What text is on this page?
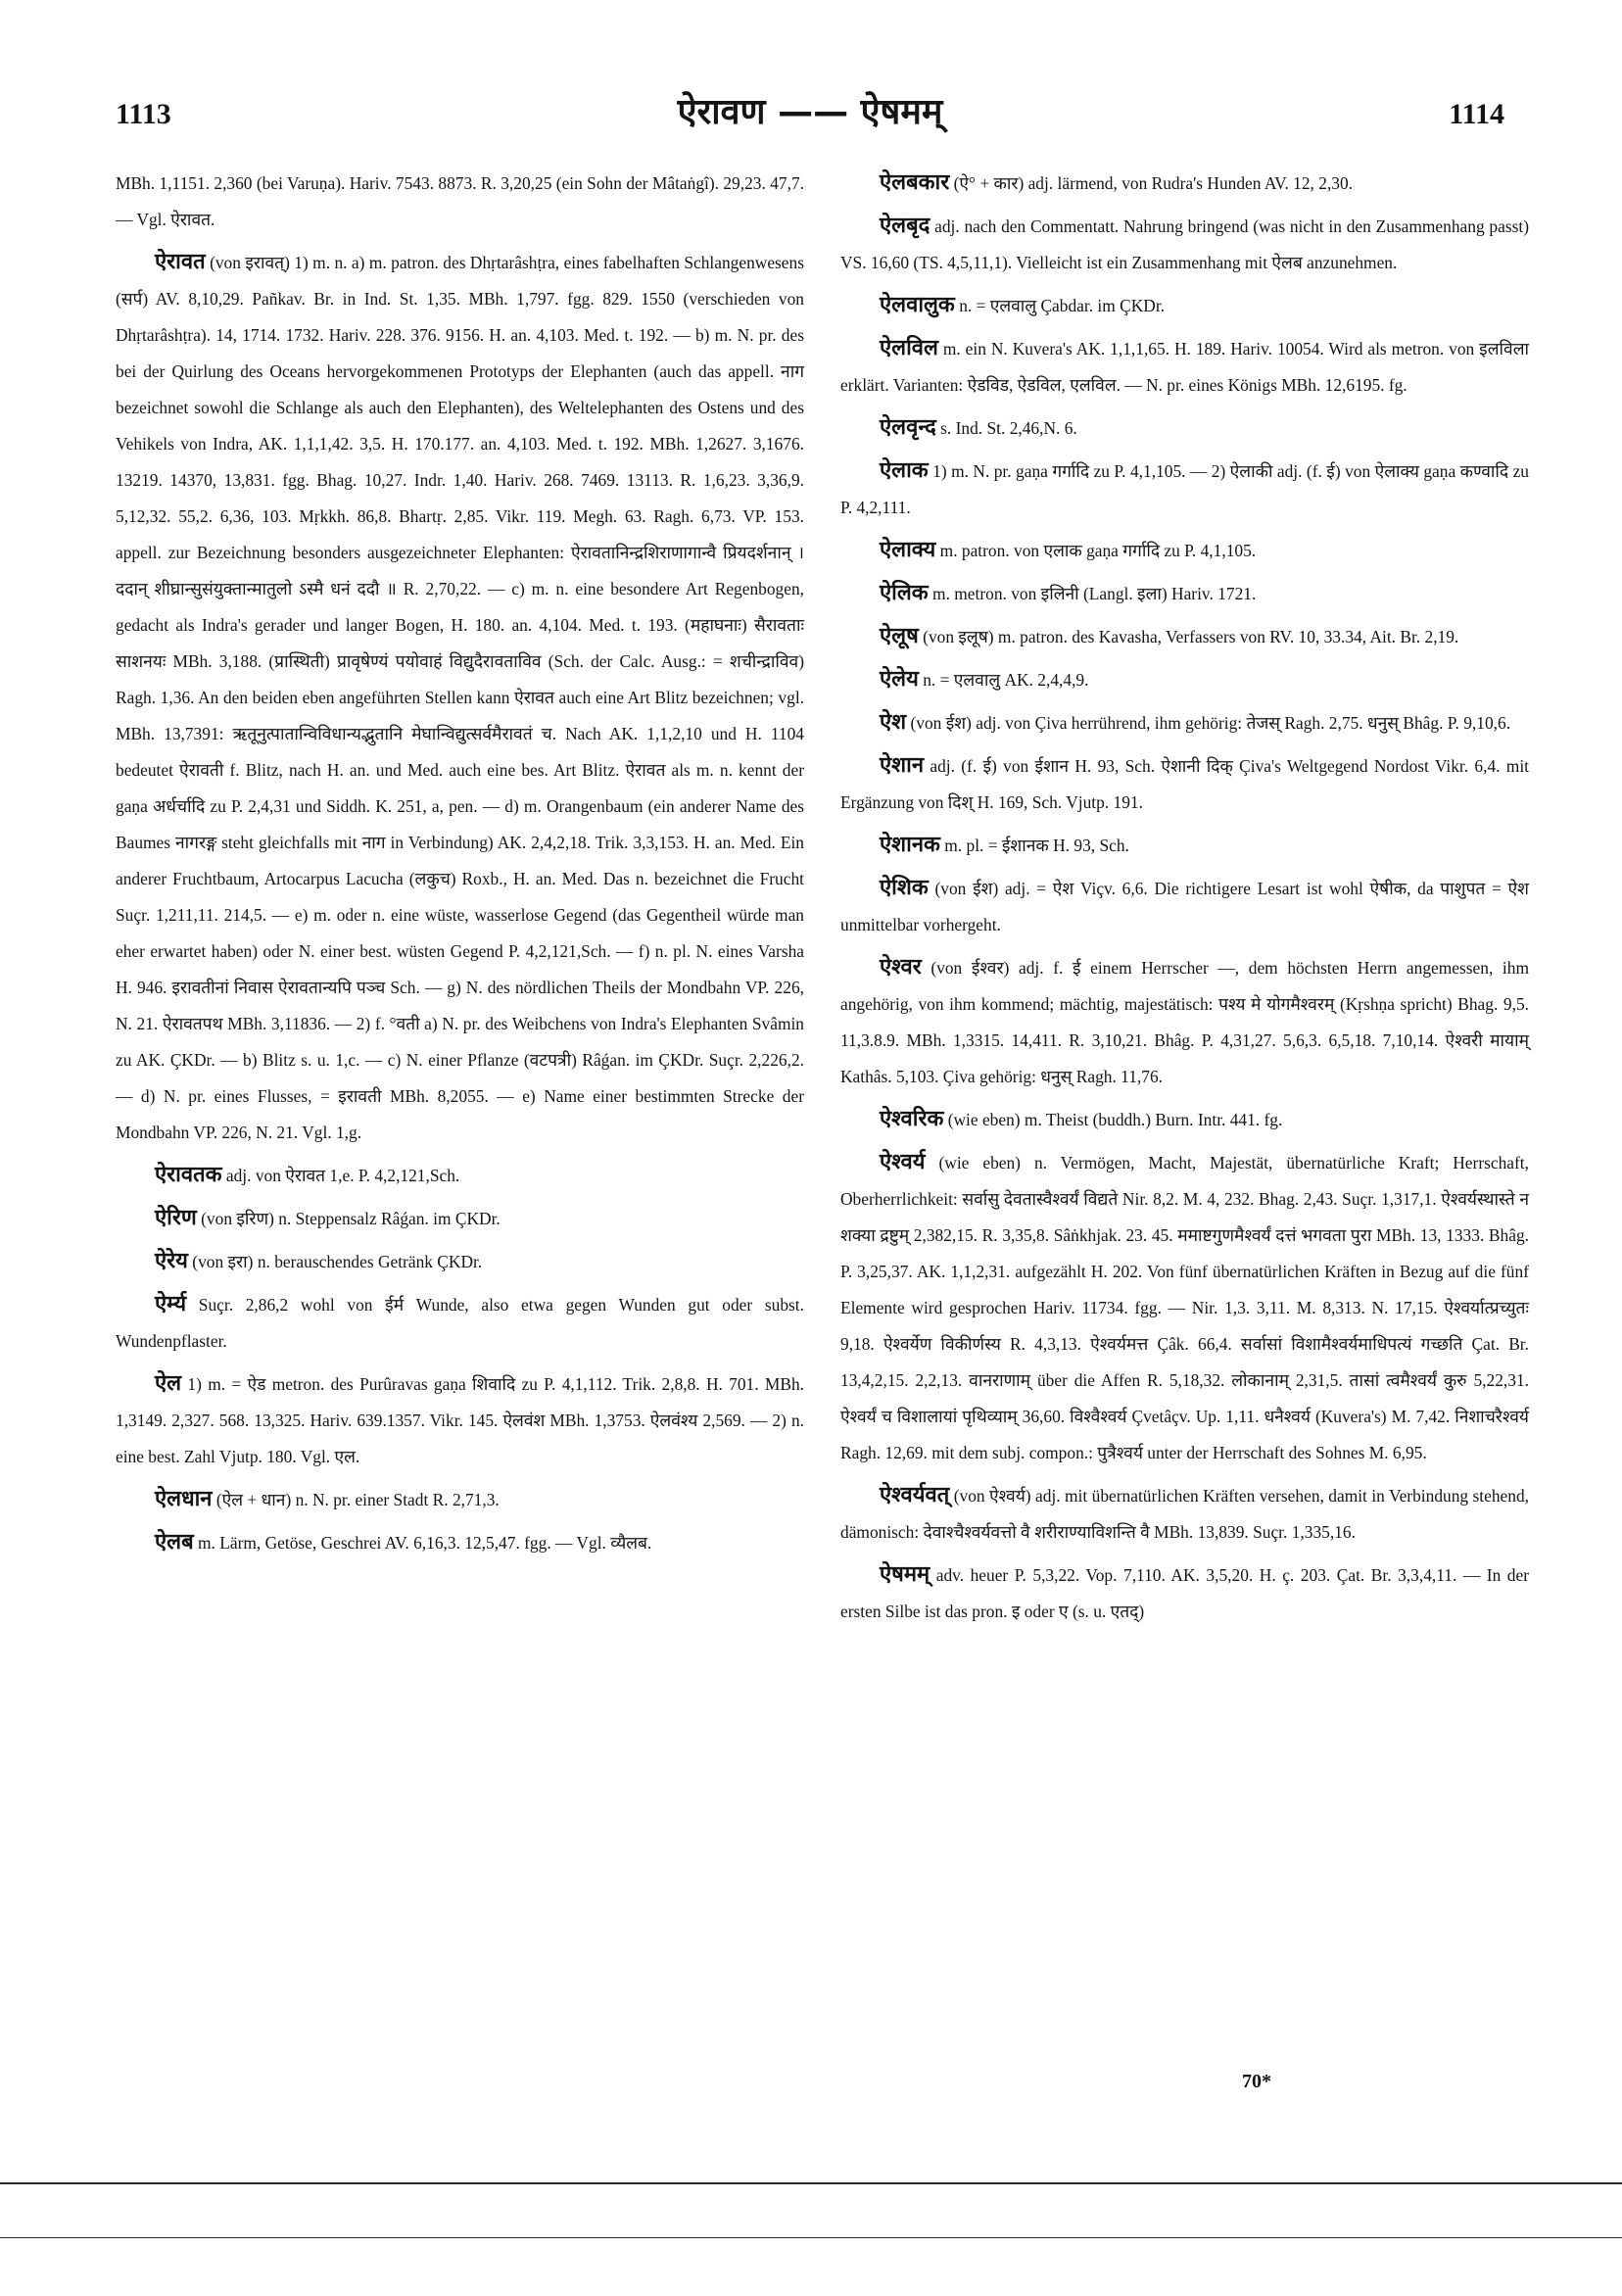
1113	ऐरावण —— ऐषमम्	1114

MBh. 1,1151. 2,360 (bei Varuṇa). Hariv. 7543. 8873. R. 3,20,25 (ein Sohn der Mâtaṅgî). 29,23. 47,7. — Vgl. ऐरावत.

ऐरावत (von इरावत्) 1) m. n. a) m. patron. des Dhṛtarâshṭra, eines fabelhaften Schlangenwesens (सर्प) AV. 8,10,29. Pañkav. Br. in Ind. St. 1,35. MBh. 1,797. fgg. 829. 1550 (verschieden von Dhṛtarâshṭra). 14, 1714. 1732. Hariv. 228. 376. 9156. H. an. 4,103. Med. t. 192. — b) m. N. pr. des bei der Quirlung des Oceans hervorgekommenen Prototyps der Elephanten (auch das appell. नाग bezeichnet sowohl die Schlange als auch den Elephanten), des Weltelephanten des Ostens und des Vehikels von Indra, AK. 1,1,1,42. 3,5. H. 170.177. an. 4,103. Med. t. 192. MBh. 1,2627. 3,1676. 13219. 14370, 13,831. fgg. Bhag. 10,27. Indr. 1,40. Hariv. 268. 7469. 13113. R. 1,6,23. 3,36,9. 5,12,32. 55,2. 6,36, 103. Mṛkkh. 86,8. Bhartṛ. 2,85. Vikr. 119. Megh. 63. Ragh. 6,73. VP. 153. appell. zur Bezeichnung besonders ausgezeichneter Elephanten: ऐरावतानिन्द्रशिराणागान्वै प्रियदर्शनान् । ददान् शीघ्रान्सुसंयुक्तान्मातुलो ऽस्मै धनं ददौ ॥ R. 2,70,22. — c) m. n. eine besondere Art Regenbogen, gedacht als Indra's gerader und langer Bogen, H. 180. an. 4,104. Med. t. 193. (महाघनाः) सैरावताः साशनयः MBh. 3,188. (प्रास्थिती) प्रावृषेण्यं पयोवाहं विद्युदैरावताविव (Sch. der Calc. Ausg.: = शचीन्द्राविव) Ragh. 1,36. An den beiden eben angeführten Stellen kann ऐरावत auch eine Art Blitz bezeichnen; vgl. MBh. 13,7391: ऋतूनुत्पातान्विविधान्यद्भुतानि मेघान्विद्युत्सर्वमैरावतं च. Nach AK. 1,1,2,10 und H. 1104 bedeutet ऐरावती f. Blitz, nach H. an. und Med. auch eine bes. Art Blitz. ऐरावत als m. n. kennt der gaṇa अर्धर्चादि zu P. 2,4,31 und Siddh. K. 251, a, pen. — d) m. Orangenbaum (ein anderer Name des Baumes नागरङ्ग steht gleichfalls mit नाग in Verbindung) AK. 2,4,2,18. Trik. 3,3,153. H. an. Med. Ein anderer Fruchtbaum, Artocarpus Lacucha (लकुच) Roxb., H. an. Med. Das n. bezeichnet die Frucht Suçr. 1,211,11. 214,5. — e) m. oder n. eine wüste, wasserlose Gegend (das Gegentheil würde man eher erwartet haben) oder N. einer best. wüsten Gegend P. 4,2,121,Sch. — f) n. pl. N. eines Varsha H. 946. इरावतीनां निवास ऐरावतान्यपि पञ्च Sch. — g) N. des nördlichen Theils der Mondbahn VP. 226, N. 21. ऐरावतपथ MBh. 3,11836. — 2) f. °वती a) N. pr. des Weibchens von Indra's Elephanten Svâmin zu AK. ÇKDr. — b) Blitz s. u. 1,c. — c) N. einer Pflanze (वटपत्री) Râǵan. im ÇKDr. Suçr. 2,226,2. — d) N. pr. eines Flusses, = इरावती MBh. 8,2055. — e) Name einer bestimmten Strecke der Mondbahn VP. 226, N. 21. Vgl. 1,g.

ऐरावतक adj. von ऐरावत 1,e. P. 4,2,121,Sch.

ऐरिण (von इरिण) n. Steppensalz Râǵan. im ÇKDr.

ऐरेय (von इरा) n. berauschendes Getränk ÇKDr.

ऐर्म्य Suçr. 2,86,2 wohl von ईर्म Wunde, also etwa gegen Wunden gut oder subst. Wundenpflaster.

ऐल 1) m. = ऐड metron. des Purûravas gaṇa शिवादि zu P. 4,1,112. Trik. 2,8,8. H. 701. MBh. 1,3149. 2,327. 568. 13,325. Hariv. 639.1357. Vikr. 145. ऐलवंश MBh. 1,3753. ऐलवंश्य 2,569. — 2) n. eine best. Zahl Vjutp. 180. Vgl. एल.

ऐलधान (ऐल + धान) n. N. pr. einer Stadt R. 2,71,3.

ऐलब m. Lärm, Getöse, Geschrei AV. 6,16,3. 12,5,47. fgg. — Vgl. व्यैलब.

ऐलबकार (ऐ° + कार) adj. lärmend, von Rudra's Hunden AV. 12, 2,30.

ऐलबृद adj. nach den Commentatt. Nahrung bringend (was nicht in den Zusammenhang passt) VS. 16,60 (TS. 4,5,11,1). Vielleicht ist ein Zusammenhang mit ऐलब anzunehmen.

ऐलवालुक n. = एलवालु Çabdar. im ÇKDr.

ऐलविल m. ein N. Kuvera's AK. 1,1,1,65. H. 189. Hariv. 10054. Wird als metron. von इलविला erklärt. Varianten: ऐडविड, ऐडविल, एलविल. — N. pr. eines Königs MBh. 12,6195. fg.

ऐलवृन्द s. Ind. St. 2,46,N. 6.

ऐलाक 1) m. N. pr. gaṇa गर्गादि zu P. 4,1,105. — 2) ऐलाकी adj. (f. ई) von ऐलाक्य gaṇa कण्वादि zu P. 4,2,111.

ऐलाक्य m. patron. von एलाक gaṇa गर्गादि zu P. 4,1,105.

ऐलिक m. metron. von इलिनी (Langl. इला) Hariv. 1721.

ऐलूष (von इलूष) m. patron. des Kavasha, Verfassers von RV. 10, 33.34, Ait. Br. 2,19.

ऐलेय n. = एलवालु AK. 2,4,4,9.

ऐश (von ईश) adj. von Çiva herrührend, ihm gehörig: तेजस् Ragh. 2,75. धनुस् Bhâg. P. 9,10,6.

ऐशान adj. (f. ई) von ईशान H. 93, Sch. ऐशानी दिक् Çiva's Weltgegend Nordost Vikr. 6,4. mit Ergänzung von दिश् H. 169, Sch. Vjutp. 191.

ऐशानक m. pl. = ईशानक H. 93, Sch.

ऐशिक (von ईश) adj. = ऐश Viçv. 6,6. Die richtigere Lesart ist wohl ऐषीक, da पाशुपत = ऐश unmittelbar vorhergeht.

ऐश्वर (von ईश्वर) adj. f. ई einem Herrscher —, dem höchsten Herrn angemessen, ihm angehörig, von ihm kommend; mächtig, majestätisch: पश्य मे योगमैश्वरम् (Kṛshṇa spricht) Bhag. 9,5. 11,3.8.9. MBh. 1,3315. 14,411. R. 3,10,21. Bhâg. P. 4,31,27. 5,6,3. 6,5,18. 7,10,14. ऐश्वरी मायाम् Kathâs. 5,103. Çiva gehörig: धनुस् Ragh. 11,76.

ऐश्वरिक (wie eben) m. Theist (buddh.) Burn. Intr. 441. fg.

ऐश्वर्य (wie eben) n. Vermögen, Macht, Majestät, übernatürliche Kraft; Herrschaft, Oberherrlichkeit: सर्वासु देवतास्वैश्वर्यं विद्यते Nir. 8,2. M. 4, 232. Bhag. 2,43. Suçr. 1,317,1. ऐश्वर्यस्थास्ते न शक्या द्रष्टुम् 2,382,15. R. 3,35,8. Sâṅkhjak. 23. 45. ममाष्टगुणमैश्वर्यं दत्तं भगवता पुरा MBh. 13, 1333. Bhâg. P. 3,25,37. AK. 1,1,2,31. aufgezählt H. 202. Von fünf übernatürlichen Kräften in Bezug auf die fünf Elemente wird gesprochen Hariv. 11734. fgg. — Nir. 1,3. 3,11. M. 8,313. N. 17,15. ऐश्वर्यात्प्रच्युतः 9,18. ऐश्वर्येण विकीर्णस्य R. 4,3,13. ऐश्वर्यमत्त Çâk. 66,4. सर्वासां विशामैश्वर्यमाधिपत्यं गच्छति Çat. Br. 13,4,2,15. 2,2,13. वानराणाम् über die Affen R. 5,18,32. लोकानाम् 2,31,5. तासां त्वमैश्वर्यं कुरु 5,22,31. ऐश्वर्यं च विशालायां पृथिव्याम् 36,60. विश्वैश्वर्य Çvetâçv. Up. 1,11. धनैश्वर्य (Kuvera's) M. 7,42. निशाचरैश्वर्य Ragh. 12,69. mit dem subj. compon.: पुत्रैश्वर्य unter der Herrschaft des Sohnes M. 6,95.

ऐश्वर्यवत् (von ऐश्वर्य) adj. mit übernatürlichen Kräften versehen, damit in Verbindung stehend, dämonisch: देवाश्चैश्वर्यवत्तो वै शरीराण्याविशन्ति वै MBh. 13,839. Suçr. 1,335,16.

ऐषमम् adv. heuer P. 5,3,22. Vop. 7,110. AK. 3,5,20. H. ç. 203. Çat. Br. 3,3,4,11. — In der ersten Silbe ist das pron. इ oder ए (s. u. एतद्)

70*
